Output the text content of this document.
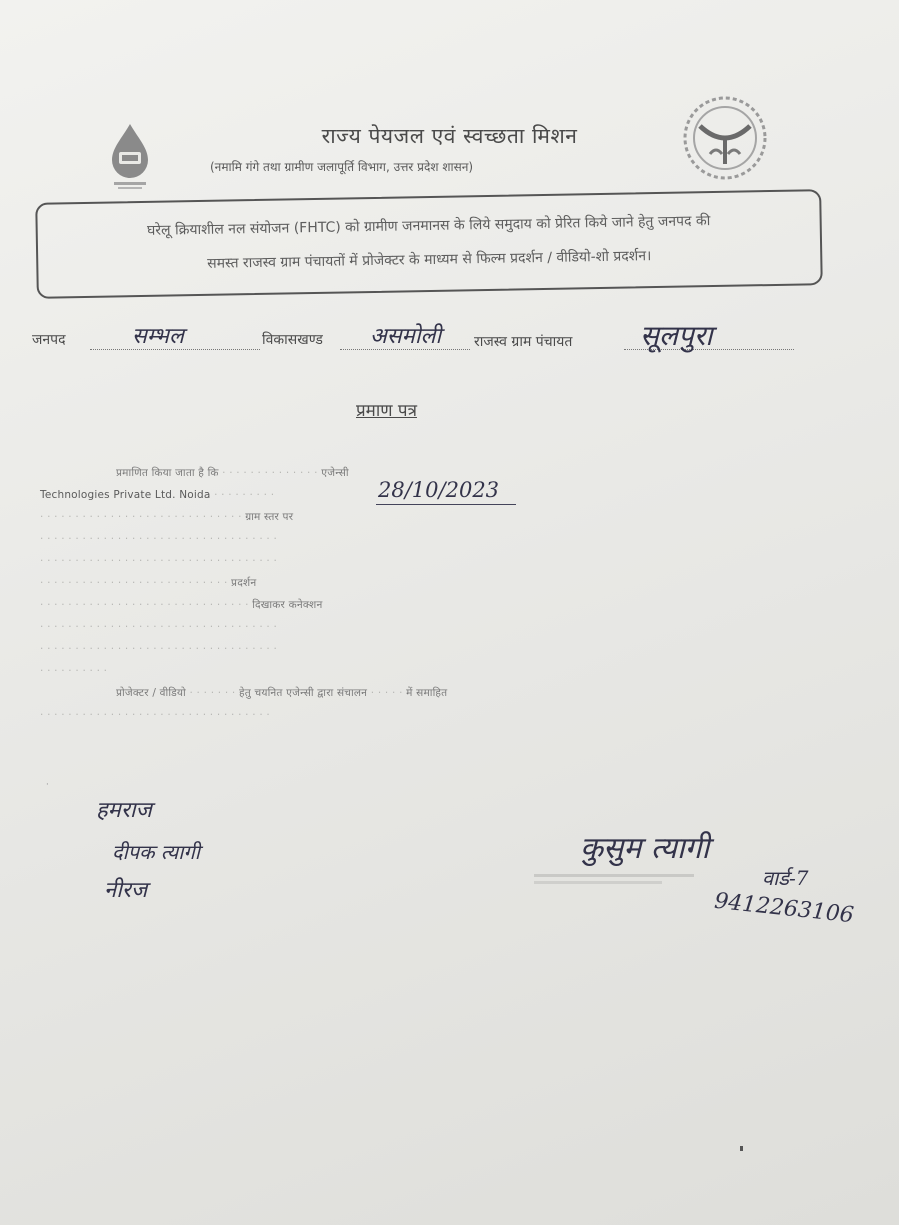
राज्य पेयजल एवं स्वच्छता मिशन
(नमामि गंगे तथा ग्रामीण जलापूर्ति विभाग, उत्तर प्रदेश शासन)
घरेलू क्रियाशील नल संयोजन (FHTC) को ग्रामीण जनमानस के लिये समुदाय को प्रेरित किये जाने हेतु जनपद की
समस्त राजस्व ग्राम पंचायतों में प्रोजेक्टर के माध्यम से फिल्म प्रदर्शन / वीडियो-शो प्रदर्शन।
जनपद	सम्भल	विकासखण्ड असमोली राजस्व ग्राम पंचायत सूलपुरा
प्रमाण पत्र
प्रमाणित किया जाता है कि · · · · · · · · · · · · · · एजेन्सी
Technologies Private Ltd. Noida · · · · · · · · ·
· · · · · · · · · · · · · · · · · · · · · · · · · · · · · ग्राम स्तर पर
· · · · · · · · · · · · · · · · · · · · · · · · · · · · · · · · · ·
· · · · · · · · · · · · · · · · · · · · · · · · · · · · · · · · · ·
· · · · · · · · · · · · · · · · · · · · · · · · · · · प्रदर्शन
· · · · · · · · · · · · · · · · · · · · · · · · · · · · · · दिखाकर कनेक्शन
· · · · · · · · · · · · · · · · · · · · · · · · · · · · · · · · · ·
· · · · · · · · · · · · · · · · · · · · · · · · · · · · · · · · · ·
· · · · · · · · · ·
प्रोजेक्टर / वीडियो · · · · · · · हेतु चयनित एजेन्सी द्वारा संचालन · · · · · में समाहित
· · · · · · · · · · · · · · · · · · · · · · · · · · · · · · · · ·
28/10/2023
·
हमराज
दीपक त्यागी
नीरज
कुसुम त्यागी
वार्ड-7
9412263106
